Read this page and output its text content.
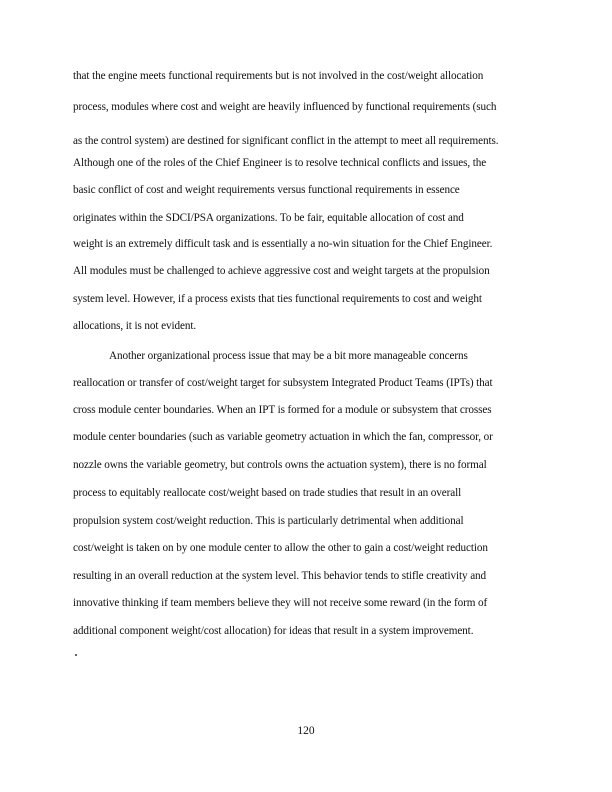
that the engine meets functional requirements but is not involved in the cost/weight allocation
process, modules where cost and weight are heavily influenced by functional requirements (such
as the control system) are destined for significant conflict in the attempt to meet all requirements.
Although one of the roles of the Chief Engineer is to resolve technical conflicts and issues, the
basic conflict of cost and weight requirements versus functional requirements in essence
originates within the SDCI/PSA organizations. To be fair, equitable allocation of cost and
weight is an extremely difficult task and is essentially a no-win situation for the Chief Engineer.
All modules must be challenged to achieve aggressive cost and weight targets at the propulsion
system level. However, if a process exists that ties functional requirements to cost and weight
allocations, it is not evident.
Another organizational process issue that may be a bit more manageable concerns
reallocation or transfer of cost/weight target for subsystem Integrated Product Teams (IPTs) that
cross module center boundaries. When an IPT is formed for a module or subsystem that crosses
module center boundaries (such as variable geometry actuation in which the fan, compressor, or
nozzle owns the variable geometry, but controls owns the actuation system), there is no formal
process to equitably reallocate cost/weight based on trade studies that result in an overall
propulsion system cost/weight reduction. This is particularly detrimental when additional
cost/weight is taken on by one module center to allow the other to gain a cost/weight reduction
resulting in an overall reduction at the system level. This behavior tends to stifle creativity and
innovative thinking if team members believe they will not receive some reward (in the form of
additional component weight/cost allocation) for ideas that result in a system improvement.
120
